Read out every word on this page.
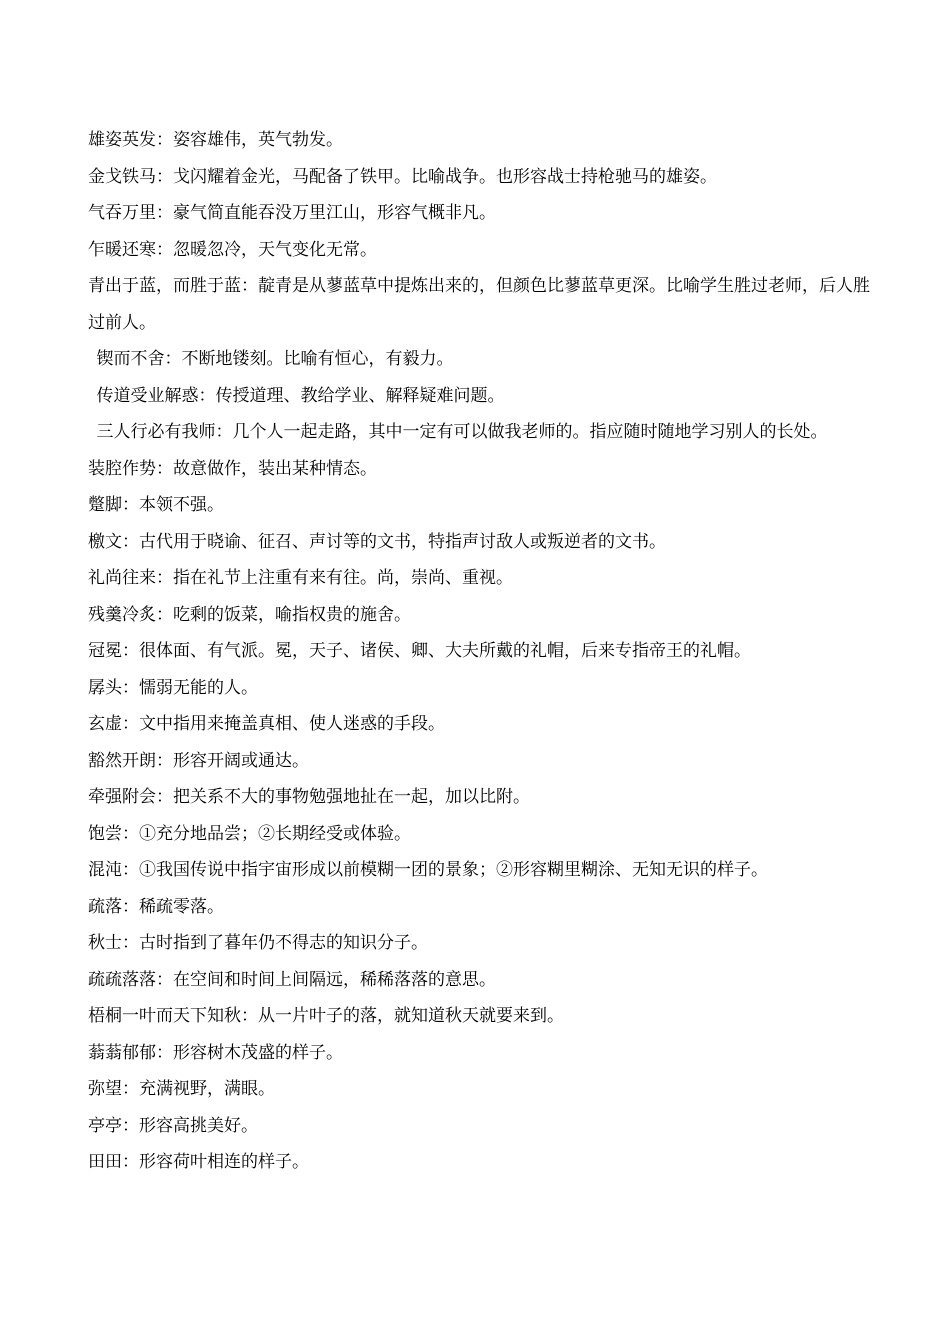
雄姿英发：姿容雄伟，英气勃发。

金戈铁马：戈闪耀着金光，马配备了铁甲。比喻战争。也形容战士持枪驰马的雄姿。

气吞万里：豪气简直能吞没万里江山，形容气概非凡。

乍暖还寒：忽暖忽冷，天气变化无常。

青出于蓝，而胜于蓝：靛青是从蓼蓝草中提炼出来的，但颜色比蓼蓝草更深。比喻学生胜过老师，后人胜过前人。

锲而不舍：不断地镂刻。比喻有恒心，有毅力。

传道受业解惑：传授道理、教给学业、解释疑难问题。

三人行必有我师：几个人一起走路，其中一定有可以做我老师的。指应随时随地学习别人的长处。

装腔作势：故意做作，装出某种情态。

蹩脚：本领不强。

檄文：古代用于晓谕、征召、声讨等的文书，特指声讨敌人或叛逆者的文书。

礼尚往来：指在礼节上注重有来有往。尚，崇尚、重视。

残羹冷炙：吃剩的饭菜，喻指权贵的施舍。

冠冕：很体面、有气派。冕，天子、诸侯、卿、大夫所戴的礼帽，后来专指帝王的礼帽。

孱头：懦弱无能的人。

玄虚：文中指用来掩盖真相、使人迷惑的手段。

豁然开朗：形容开阔或通达。

牵强附会：把关系不大的事物勉强地扯在一起，加以比附。

饱尝：①充分地品尝；②长期经受或体验。

混沌：①我国传说中指宇宙形成以前模糊一团的景象；②形容糊里糊涂、无知无识的样子。

疏落：稀疏零落。

秋士：古时指到了暮年仍不得志的知识分子。

疏疏落落：在空间和时间上间隔远，稀稀落落的意思。

梧桐一叶而天下知秋：从一片叶子的落，就知道秋天就要来到。

蓊蓊郁郁：形容树木茂盛的样子。

弥望：充满视野，满眼。

亭亭：形容高挑美好。

田田：形容荷叶相连的样子。
